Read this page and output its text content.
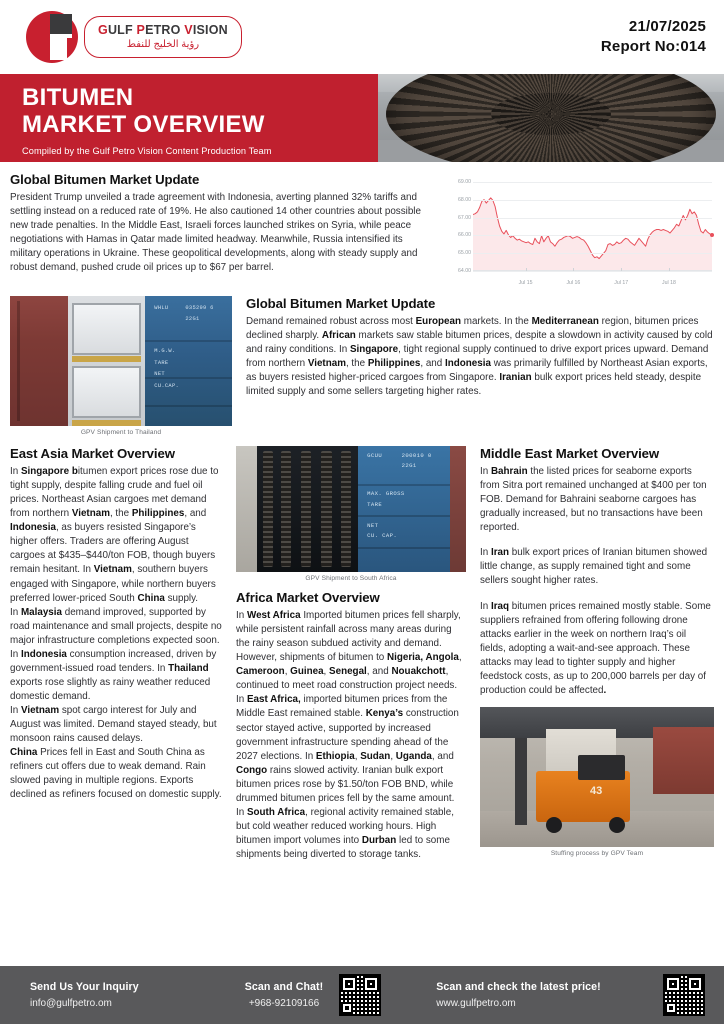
GULF PETRO VISION
رؤية الخليج للنفط
21/07/2025
Report No:014
BITUMEN
MARKET OVERVIEW
Compiled by the Gulf Petro Vision Content Production Team
Global Bitumen Market Update

President Trump unveiled a trade agreement with Indonesia, averting planned 32% tariffs and settling instead on a reduced rate of 19%. He also cautioned 14 other countries about possible new trade penalties. In the Middle East, Israeli forces launched strikes on Syria, while peace negotiations with Hamas in Qatar made limited headway. Meanwhile, Russia intensified its military operations in Ukraine. These geopolitical developments, along with steady supply and robust demand, pushed crude oil prices up to $67 per barrel.	64.00
65.00
66.00
67.00
68.00
69.00
Jul 15	Jul 16	Jul 17	Jul 18
WHLU	035299 6
22G1
M.G.W.
TARE
NET
CU.CAP.
GPV Shipment to Thailand
Global Bitumen Market Update

Demand remained robust across most European markets. In the Mediterranean region, bitumen prices declined sharply. African markets saw stable bitumen prices, despite a slowdown in activity caused by cold and rainy conditions. In Singapore, tight regional supply continued to drive export prices upward. Demand from northern Vietnam, the Philippines, and Indonesia was primarily fulfilled by Northeast Asian exports, as buyers resisted higher-priced cargoes from Singapore. Iranian bulk export prices held steady, despite limited supply and some sellers targeting higher rates.

East Asia Market Overview

In Singapore bitumen export prices rose due to tight supply, despite falling crude and fuel oil prices. Northeast Asian cargoes met demand from northern Vietnam, the Philippines, and Indonesia, as buyers resisted Singapore’s higher offers. Traders are offering August cargoes at $435–$440/ton FOB, though buyers remain hesitant. In Vietnam, southern buyers engaged with Singapore, while northern buyers preferred lower-priced South China supply.
In Malaysia demand improved, supported by road maintenance and small projects, despite no major infrastructure completions expected soon.
In Indonesia consumption increased, driven by government-issued road tenders. In Thailand exports rose slightly as rainy weather reduced domestic demand.
In Vietnam spot cargo interest for July and August was limited. Demand stayed steady, but monsoon rains caused delays.
China Prices fell in East and South China as refiners cut offers due to weak demand. Rain slowed paving in multiple regions. Exports declined as refiners focused on domestic supply.

GCUU	200010 0
22G1
MAX. GROSS
TARE
NET
CU. CAP.
GPV Shipment to South Africa
Africa Market Overview

In West Africa Imported bitumen prices fell sharply, while persistent rainfall across many areas during the rainy season subdued activity and demand. However, shipments of bitumen to Nigeria, Angola, Cameroon, Guinea, Senegal, and Nouakchott, continued to meet road construction project needs. In East Africa, imported bitumen prices from the Middle East remained stable. Kenya’s construction sector stayed active, supported by increased government infrastructure spending ahead of the 2027 elections. In Ethiopia, Sudan, Uganda, and Congo rains slowed activity. Iranian bulk export bitumen prices rose by $1.50/ton FOB BND, while drummed bitumen prices fell by the same amount.
In South Africa, regional activity remained stable, but cold weather reduced working hours. High bitumen import volumes into Durban led to some shipments being diverted to storage tanks.

Middle East Market Overview

In Bahrain the listed prices for seaborne exports from Sitra port remained unchanged at $400 per ton FOB. Demand for Bahraini seaborne cargoes has gradually increased, but no transactions have been reported.

In Iran bulk export prices of Iranian bitumen showed little change, as supply remained tight and some sellers sought higher rates.

In Iraq bitumen prices remained mostly stable. Some suppliers refrained from offering following drone attacks earlier in the week on northern Iraq’s oil fields, adopting a wait-and-see approach. These attacks may lead to tighter supply and higher feedstock costs, as up to 200,000 barrels per day of production could be affected.

43
Stuffing process by GPV Team
Send Us Your Inquiry
info@gulfpetro.om
Scan and Chat!
+968-92109166
Scan and check the latest price!
www.gulfpetro.om
